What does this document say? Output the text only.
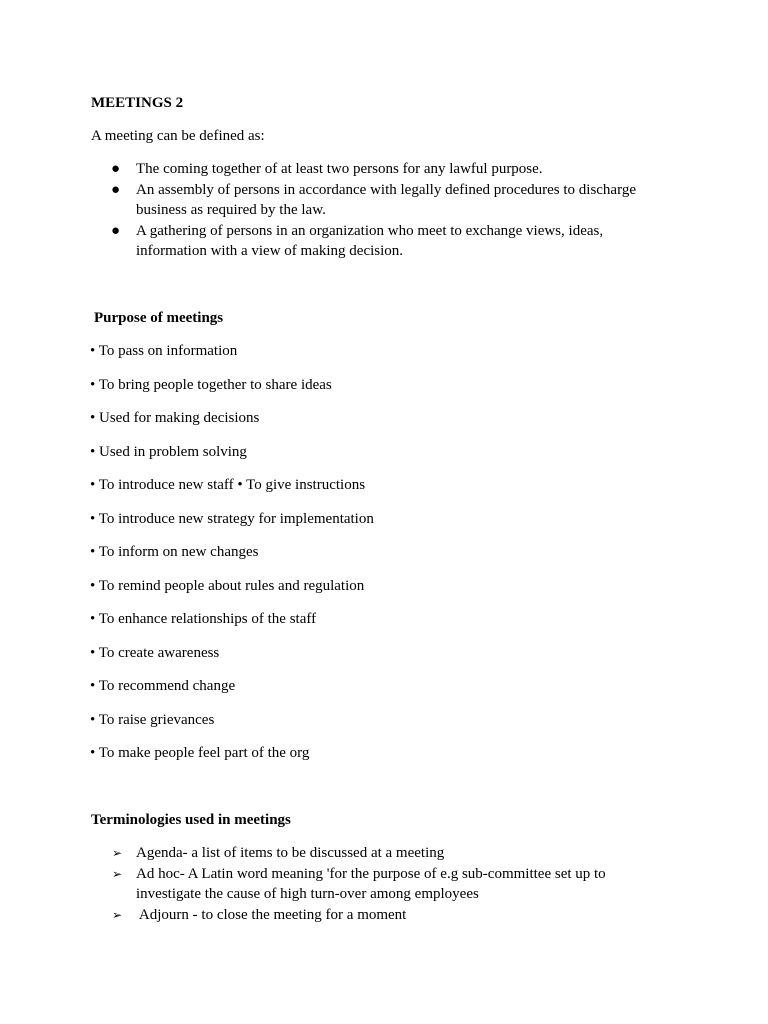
MEETINGS 2
A meeting can be defined as:
● The coming together of at least two persons for any lawful purpose.
● An assembly of persons in accordance with legally defined procedures to discharge business as required by the law.
● A gathering of persons in an organization who meet to exchange views, ideas, information with a view of making decision.
Purpose of meetings
• To pass on information
• To bring people together to share ideas
• Used for making decisions
• Used in problem solving
• To introduce new staff • To give instructions
• To introduce new strategy for implementation
• To inform on new changes
• To remind people about rules and regulation
• To enhance relationships of the staff
• To create awareness
• To recommend change
• To raise grievances
• To make people feel part of the org
Terminologies used in meetings
➢ Agenda- a list of items to be discussed at a meeting
➢ Ad hoc- A Latin word meaning 'for the purpose of e.g sub-committee set up to investigate the cause of high turn-over among employees
➢ Adjourn - to close the meeting for a moment
